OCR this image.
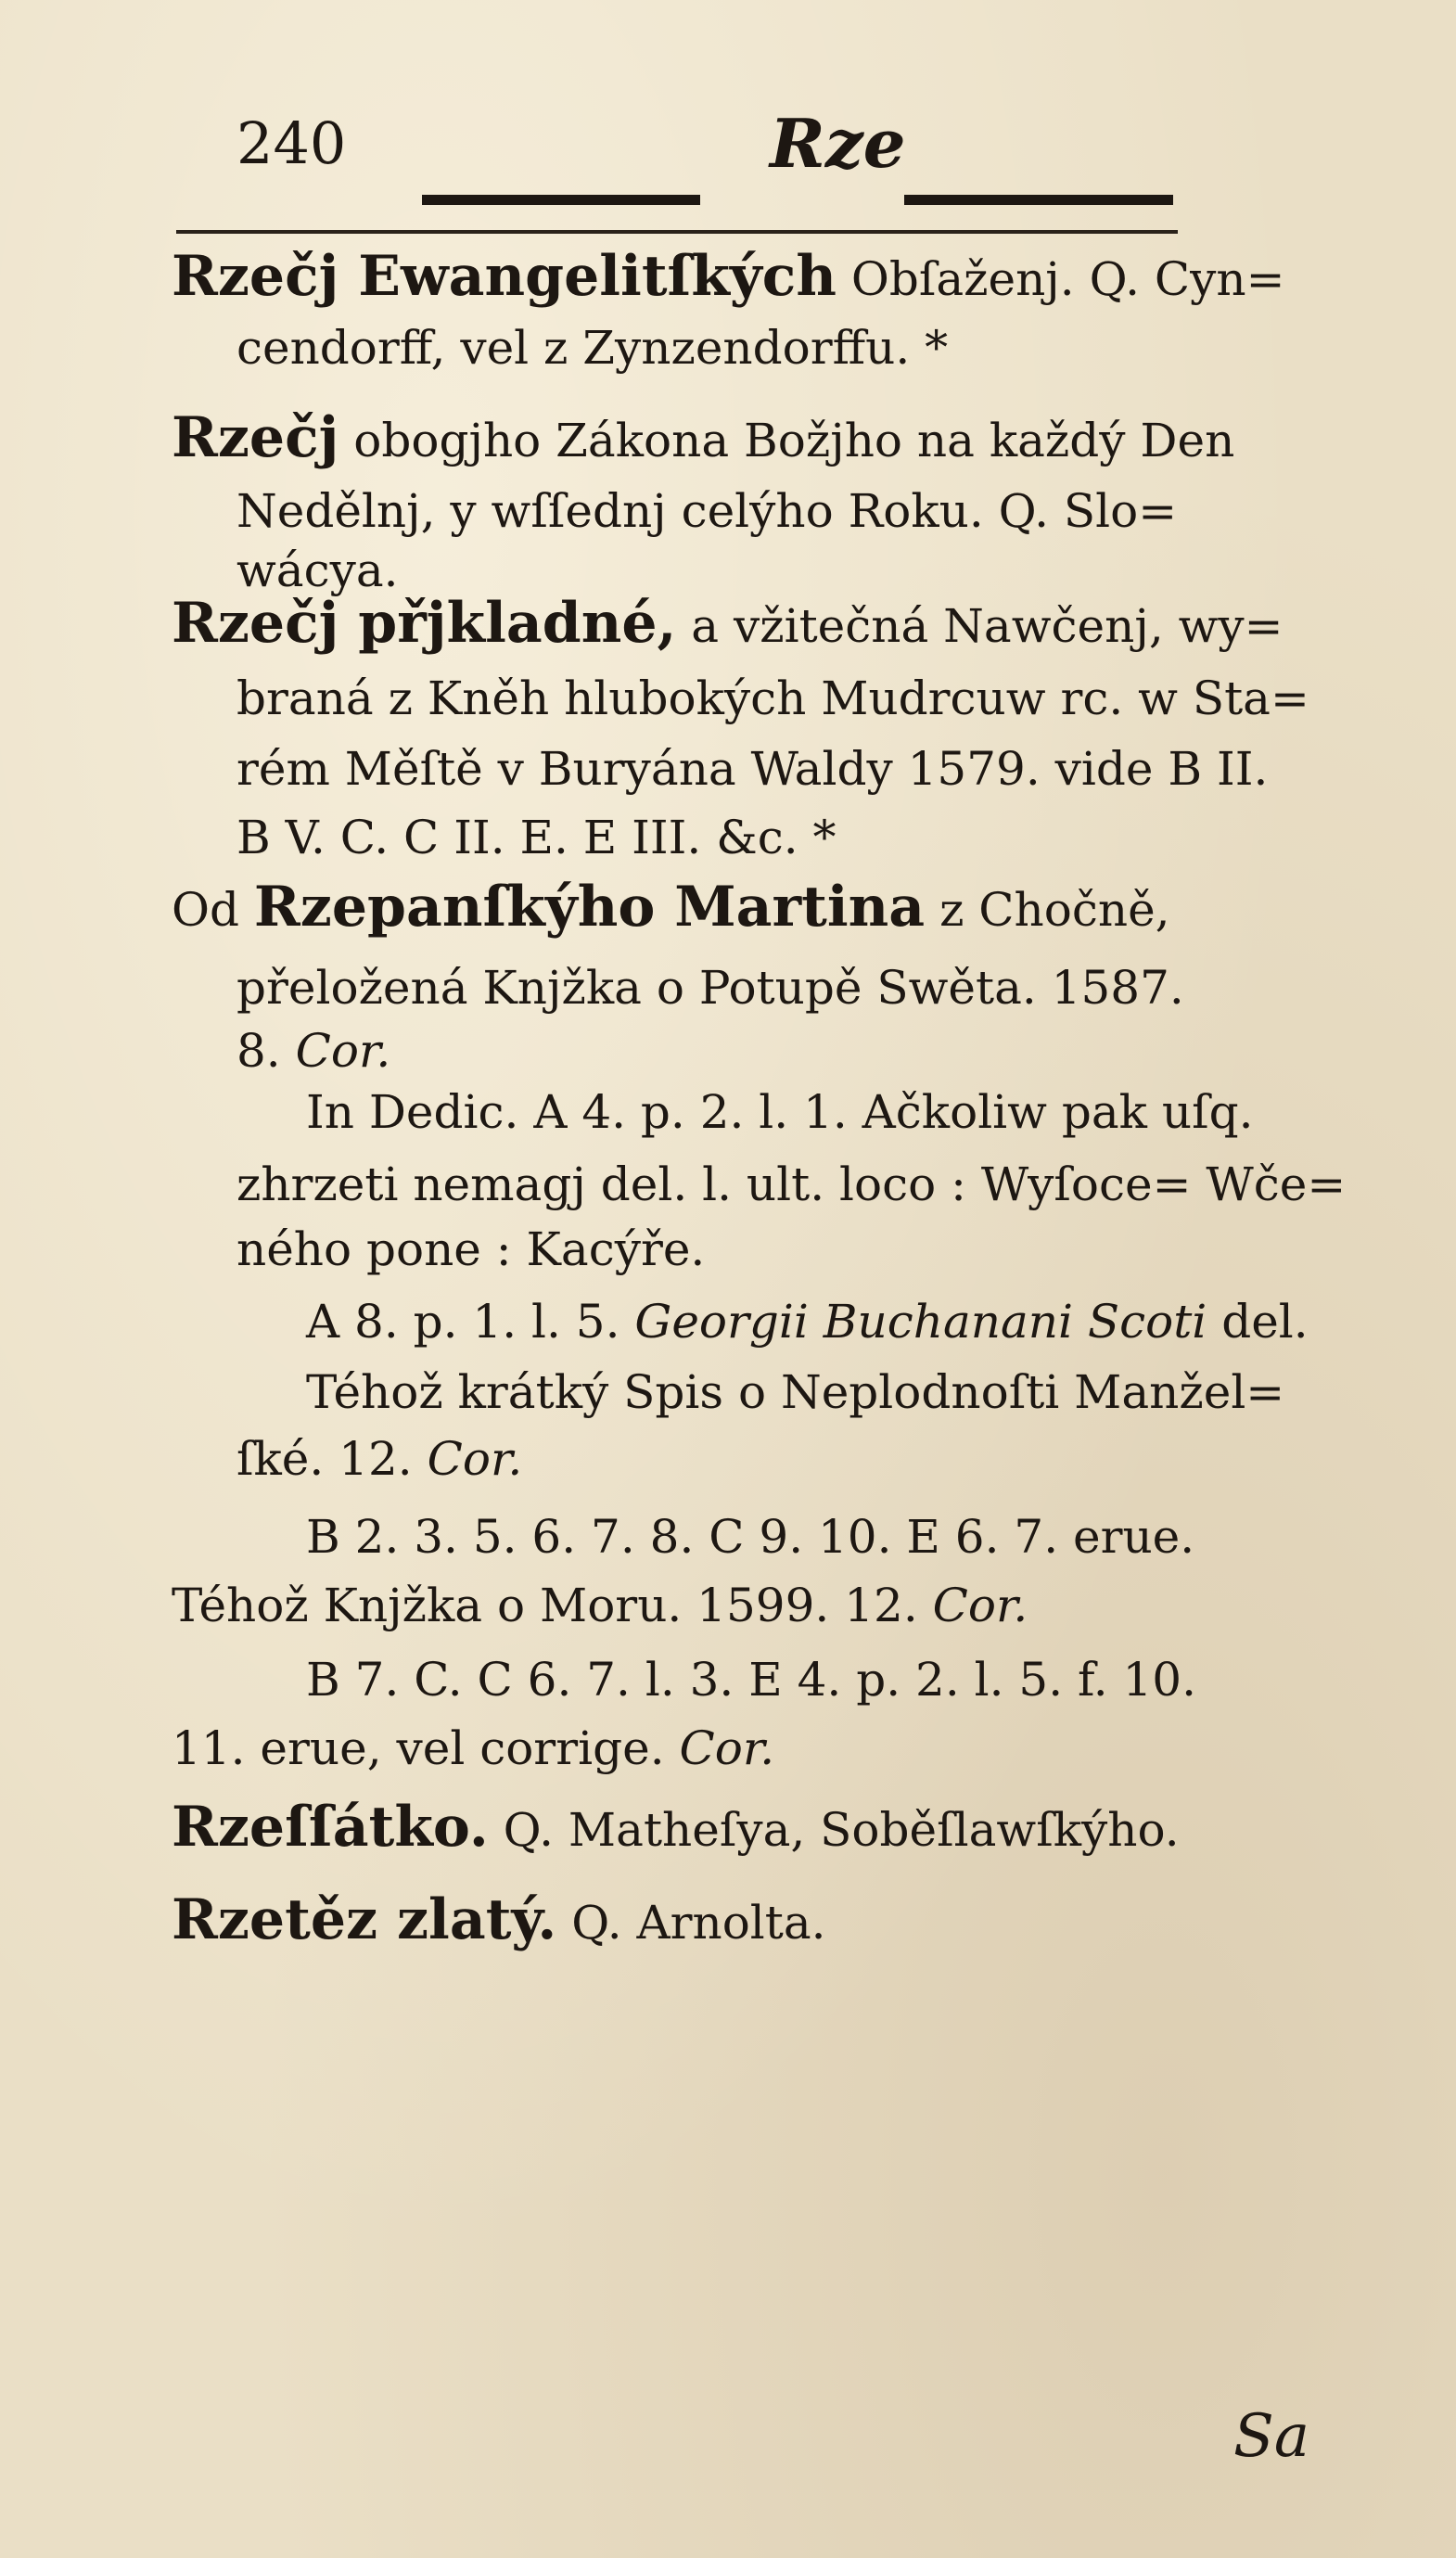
240	Rze
Rzečj Ewangelitſkých Obſaženj. Q. Cyn=
cendorff, vel z Zynzendorffu. *
Rzečj obogjho Zákona Božjho na každý Den
Nedělnj, y wſſednj celýho Roku. Q. Slo=
wácya.
Rzečj přjkladné, a vžitečná Nawčenj, wy=
braná z Kněh hlubokých Mudrcuw rc. w Sta=
rém Měſtě v Buryána Waldy 1579. vide B II.
B V. C. C II. E. E III. &c. *
Od Rzepanſkýho Martina z Chočně,
přeložená Knjžka o Potupě Swěta. 1587.
8. Cor.
In Dedic. A 4. p. 2. l. 1. Ačkoliw pak uſq.
zhrzeti nemagj del. l. ult. loco : Wyſoce= Wče=
ného pone : Kacýře.
A 8. p. 1. l. 5. Georgii Buchanani Scoti del.
Téhož krátký Spis o Neplodnoſti Manžel=
ſké. 12. Cor.
B 2. 3. 5. 6. 7. 8. C 9. 10. E 6. 7. erue.
Téhož Knjžka o Moru. 1599. 12. Cor.
B 7. C. C 6. 7. l. 3. E 4. p. 2. l. 5. f. 10.
11. erue, vel corrige. Cor.
Rzeſſátko. Q. Matheſya, Soběſlawſkýho.
Rzetěz zlatý. Q. Arnolta.
Sa
